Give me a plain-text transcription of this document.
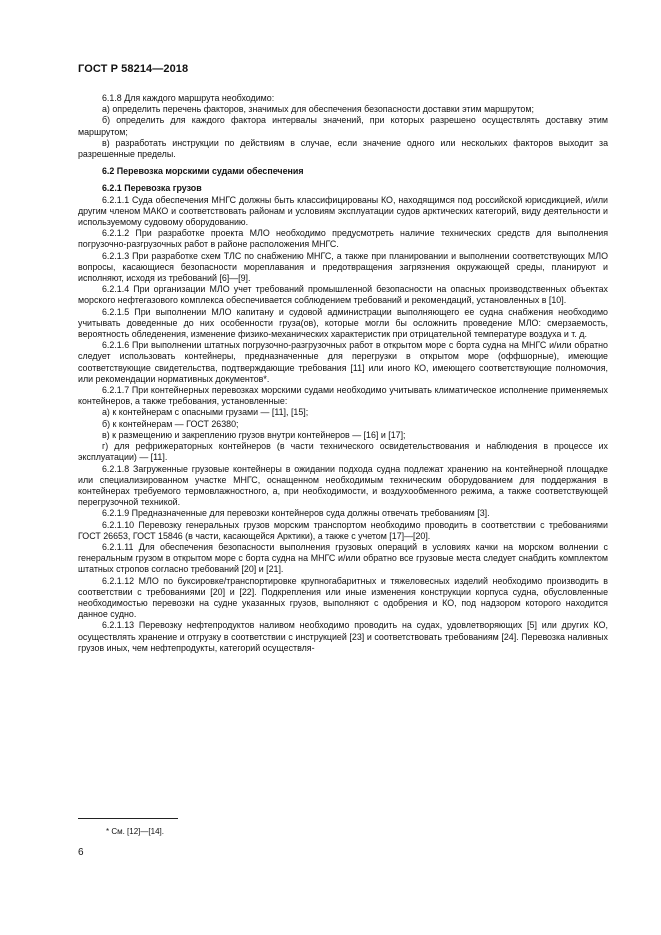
ГОСТ Р 58214—2018

6.1.8 Для каждого маршрута необходимо:

а) определить перечень факторов, значимых для обеспечения безопасности доставки этим маршрутом;

б) определить для каждого фактора интервалы значений, при которых разрешено осуществлять доставку этим маршрутом;

в) разработать инструкции по действиям в случае, если значение одного или нескольких факторов выходит за разрешенные пределы.

6.2 Перевозка морскими судами обеспечения

6.2.1 Перевозка грузов

6.2.1.1 Суда обеспечения МНГС должны быть классифицированы КО, находящимся под российской юрисдикцией, и/или другим членом МАКО и соответствовать районам и условиям эксплуатации судов арктических категорий, виду деятельности и используемому судовому оборудованию.

6.2.1.2 При разработке проекта МЛО необходимо предусмотреть наличие технических средств для выполнения погрузочно-разгрузочных работ в районе расположения МНГС.

6.2.1.3 При разработке схем ТЛС по снабжению МНГС, а также при планировании и выполнении соответствующих МЛО вопросы, касающиеся безопасности мореплавания и предотвращения загрязнения окружающей среды, планируют и исполняют, исходя из требований [6]—[9].

6.2.1.4 При организации МЛО учет требований промышленной безопасности на опасных производственных объектах морского нефтегазового комплекса обеспечивается соблюдением требований и рекомендаций, установленных в [10].

6.2.1.5 При выполнении МЛО капитану и судовой администрации выполняющего ее судна снабжения необходимо учитывать доведенные до них особенности груза(ов), которые могли бы осложнить проведение МЛО: смерзаемость, вероятность обледенения, изменение физико-механических характеристик при отрицательной температуре воздуха и т. д.

6.2.1.6 При выполнении штатных погрузочно-разгрузочных работ в открытом море с борта судна на МНГС и/или обратно следует использовать контейнеры, предназначенные для перегрузки в открытом море (оффшорные), имеющие соответствующие свидетельства, подтверждающие требования [11] или иного КО, имеющего соответствующие полномочия, или рекомендации нормативных документов*.

6.2.1.7 При контейнерных перевозках морскими судами необходимо учитывать климатическое исполнение применяемых контейнеров, а также требования, установленные:

а) к контейнерам с опасными грузами — [11], [15];

б) к контейнерам — ГОСТ 26380;

в) к размещению и закреплению грузов внутри контейнеров — [16] и [17];

г) для рефрижераторных контейнеров (в части технического освидетельствования и наблюдения в процессе их эксплуатации) — [11].

6.2.1.8 Загруженные грузовые контейнеры в ожидании подхода судна подлежат хранению на контейнерной площадке или специализированном участке МНГС, оснащенном необходимым техническим оборудованием для поддержания в контейнерах требуемого термовлажностного, а, при необходимости, и воздухообменного режима, а также соответствующей перегрузочной техникой.

6.2.1.9 Предназначенные для перевозки контейнеров суда должны отвечать требованиям [3].

6.2.1.10 Перевозку генеральных грузов морским транспортом необходимо проводить в соответствии с требованиями ГОСТ 26653, ГОСТ 15846 (в части, касающейся Арктики), а также с учетом [17]—[20].

6.2.1.11 Для обеспечения безопасности выполнения грузовых операций в условиях качки на морском волнении с генеральным грузом в открытом море с борта судна на МНГС и/или обратно все грузовые места следует снабдить комплектом штатных стропов согласно требований [20] и [21].

6.2.1.12 МЛО по буксировке/транспортировке крупногабаритных и тяжеловесных изделий необходимо производить в соответствии с требованиями [20] и [22]. Подкрепления или иные изменения конструкции корпуса судна, обусловленные необходимостью перевозки на судне указанных грузов, выполняют с одобрения и КО, под надзором которого находится данное судно.

6.2.1.13 Перевозку нефтепродуктов наливом необходимо проводить на судах, удовлетворяющих [5] или других КО, осуществлять хранение и отгрузку в соответствии с инструкцией [23] и соответствовать требованиям [24]. Перевозка наливных грузов иных, чем нефтепродукты, категорий осуществля-

* См. [12]—[14].
6
